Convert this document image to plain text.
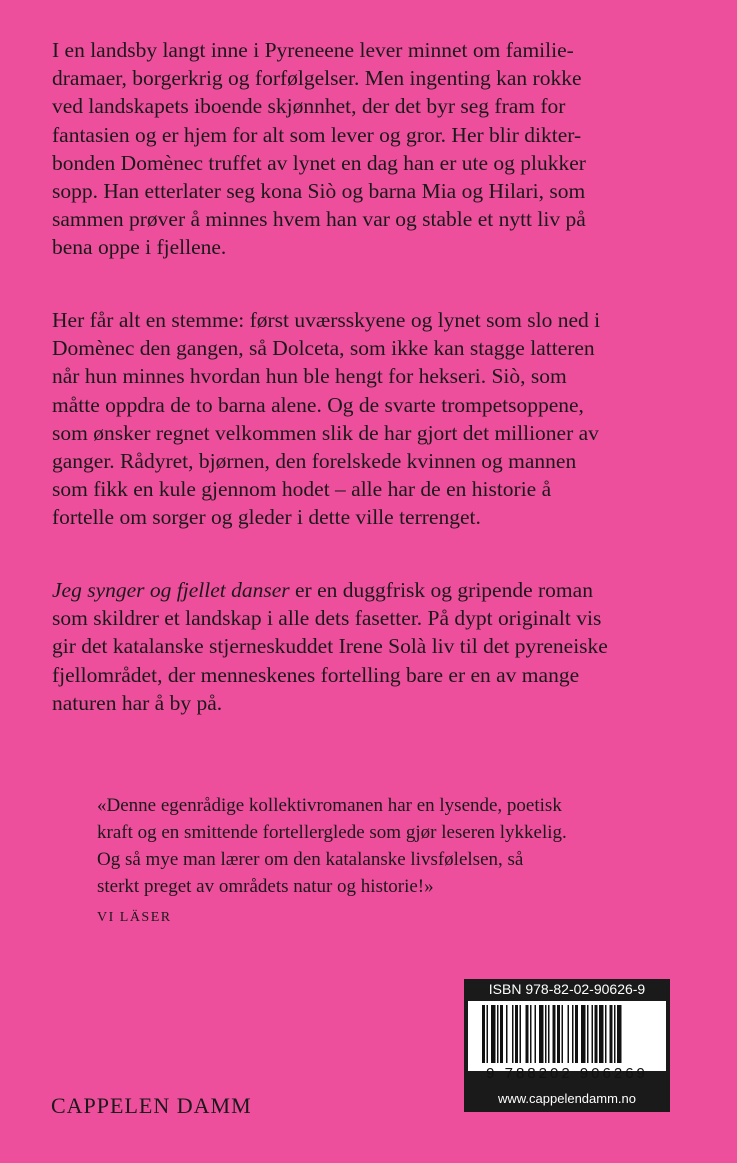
I en landsby langt inne i Pyreneene lever minnet om familie-
dramaer, borgerkrig og forfølgelser. Men ingenting kan rokke
ved landskapets iboende skjønnhet, der det byr seg fram for
fantasien og er hjem for alt som lever og gror. Her blir dikter-
bonden Domènec truffet av lynet en dag han er ute og plukker
sopp. Han etterlater seg kona Siò og barna Mia og Hilari, som
sammen prøver å minnes hvem han var og stable et nytt liv på
bena oppe i fjellene.
Her får alt en stemme: først uværsskyene og lynet som slo ned i
Domènec den gangen, så Dolceta, som ikke kan stagge latteren
når hun minnes hvordan hun ble hengt for hekseri. Siò, som
måtte oppdra de to barna alene. Og de svarte trompetsoppene,
som ønsker regnet velkommen slik de har gjort det millioner av
ganger. Rådyret, bjørnen, den forelskede kvinnen og mannen
som fikk en kule gjennom hodet – alle har de en historie å
fortelle om sorger og gleder i dette ville terrenget.
Jeg synger og fjellet danser er en duggfrisk og gripende roman
som skildrer et landskap i alle dets fasetter. På dypt originalt vis
gir det katalanske stjerneskuddet Irene Solà liv til det pyreneiske
fjellområdet, der menneskenes fortelling bare er en av mange
naturen har å by på.
«Denne egenrådige kollektivromanen har en lysende, poetisk
kraft og en smittende fortellerglede som gjør leseren lykkelig.
Og så mye man lærer om den katalanske livsfølelsen, så
sterkt preget av områdets natur og historie!»
VI LÄSER
CAPPELEN DAMM
ISBN 978-82-02-90626-9
9 788202 906269
www.cappelendamm.no
